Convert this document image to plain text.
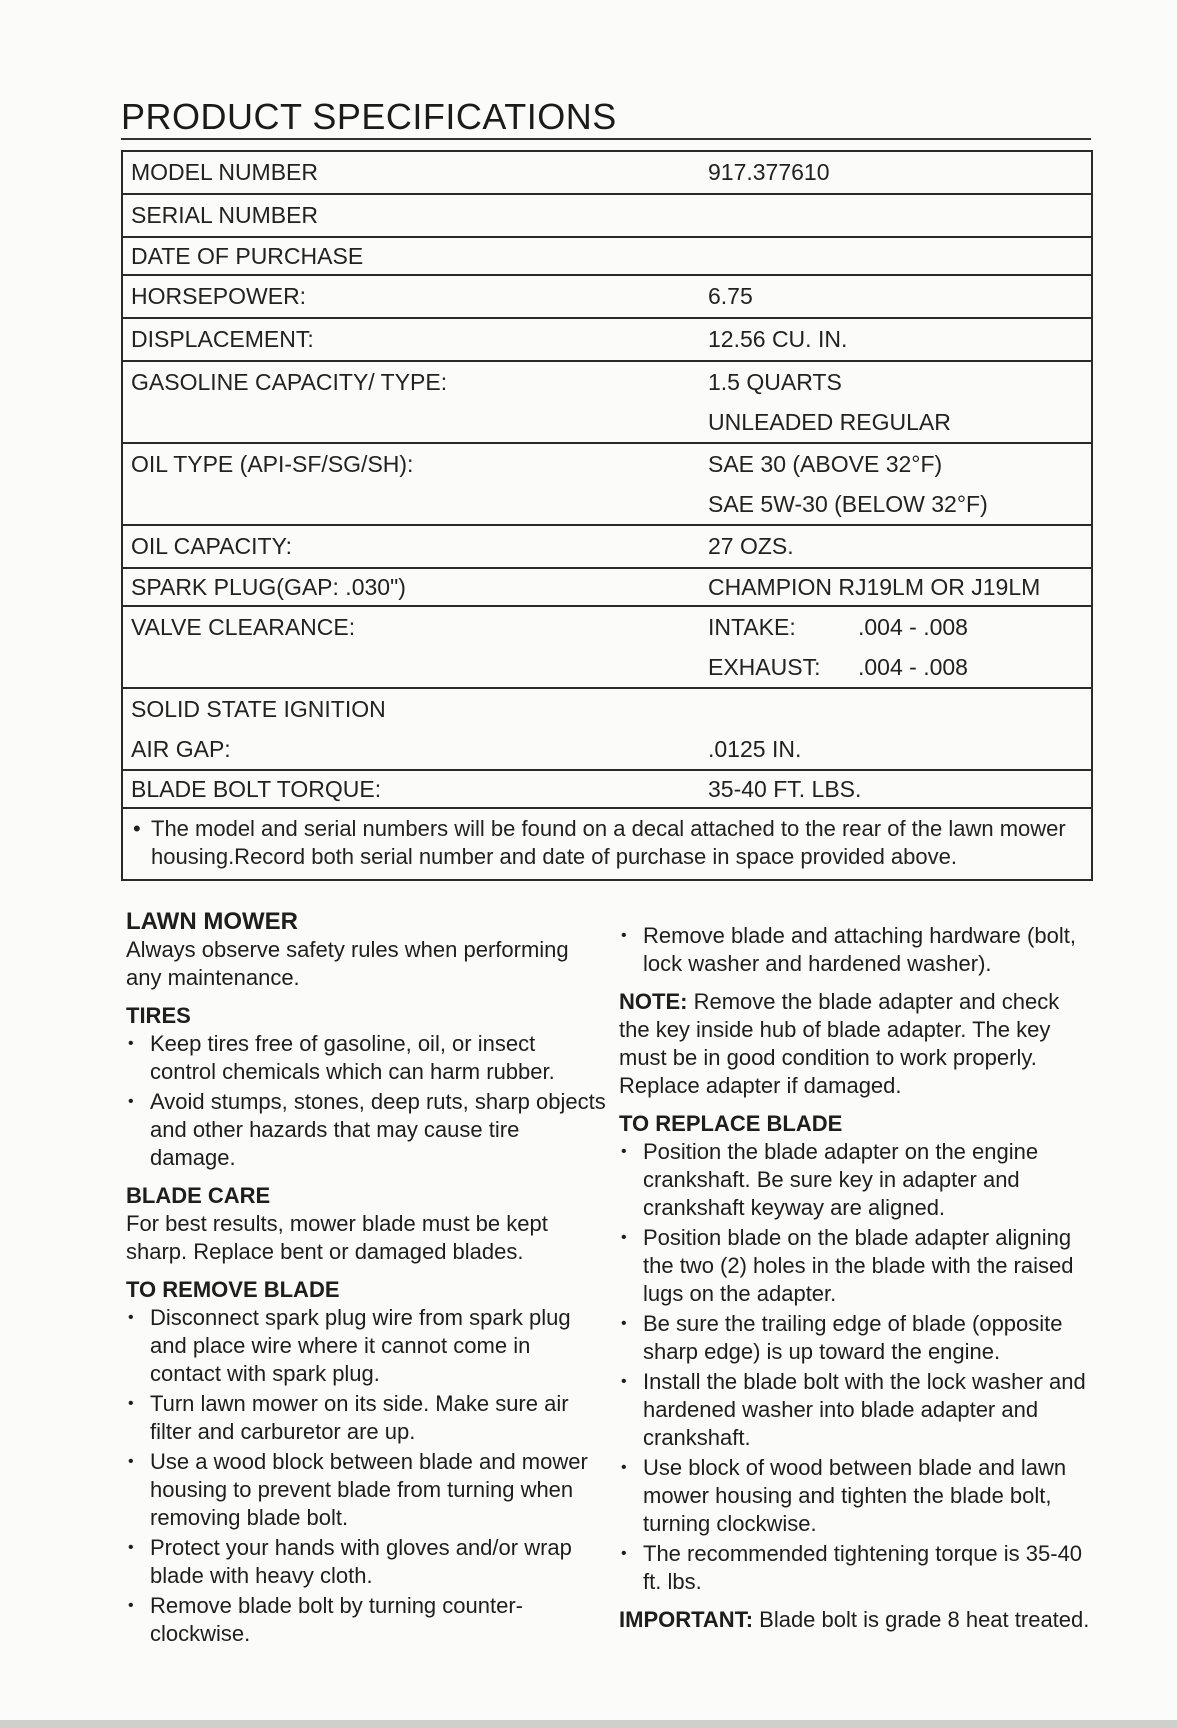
PRODUCT SPECIFICATIONS
MODEL NUMBER	917.377610
SERIAL NUMBER
DATE OF PURCHASE
HORSEPOWER:	6.75
DISPLACEMENT:	12.56 CU. IN.
GASOLINE CAPACITY/ TYPE:	1.5 QUARTS
UNLEADED REGULAR
OIL TYPE (API-SF/SG/SH):	SAE 30 (ABOVE 32°F)
SAE 5W-30 (BELOW 32°F)
OIL CAPACITY:	27 OZS.
SPARK PLUG(GAP: .030")	CHAMPION RJ19LM OR J19LM
VALVE CLEARANCE:	INTAKE:	.004 - .008
EXHAUST: .004 - .008
SOLID STATE IGNITION
AIR GAP:	.0125 IN.
BLADE BOLT TORQUE:	35-40 FT. LBS.
• The model and serial numbers will be found on a decal attached to the rear of the lawn mower housing.Record both serial number and date of purchase in space provided above.
LAWN MOWER

Always observe safety rules when performing any maintenance.

TIRES
• Keep tires free of gasoline, oil, or insect control chemicals which can harm rubber.
• Avoid stumps, stones, deep ruts, sharp objects and other hazards that may cause tire damage.
BLADE CARE

For best results, mower blade must be kept sharp. Replace bent or damaged blades.

TO REMOVE BLADE
• Disconnect spark plug wire from spark plug and place wire where it cannot come in contact with spark plug.
• Turn lawn mower on its side. Make sure air filter and carburetor are up.
• Use a wood block between blade and mower housing to prevent blade from turning when removing blade bolt.
• Protect your hands with gloves and/or wrap blade with heavy cloth.
• Remove blade bolt by turning counter-clockwise.
• Remove blade and attaching hardware (bolt, lock washer and hardened washer).

NOTE: Remove the blade adapter and check the key inside hub of blade adapter. The key must be in good condition to work properly. Replace adapter if damaged.

TO REPLACE BLADE
• Position the blade adapter on the engine crankshaft. Be sure key in adapter and crankshaft keyway are aligned.
• Position blade on the blade adapter aligning the two (2) holes in the blade with the raised lugs on the adapter.
• Be sure the trailing edge of blade (opposite sharp edge) is up toward the engine.
• Install the blade bolt with the lock washer and hardened washer into blade adapter and crankshaft.
• Use block of wood between blade and lawn mower housing and tighten the blade bolt, turning clockwise.
• The recommended tightening torque is 35-40 ft. lbs.

IMPORTANT: Blade bolt is grade 8 heat treated.
